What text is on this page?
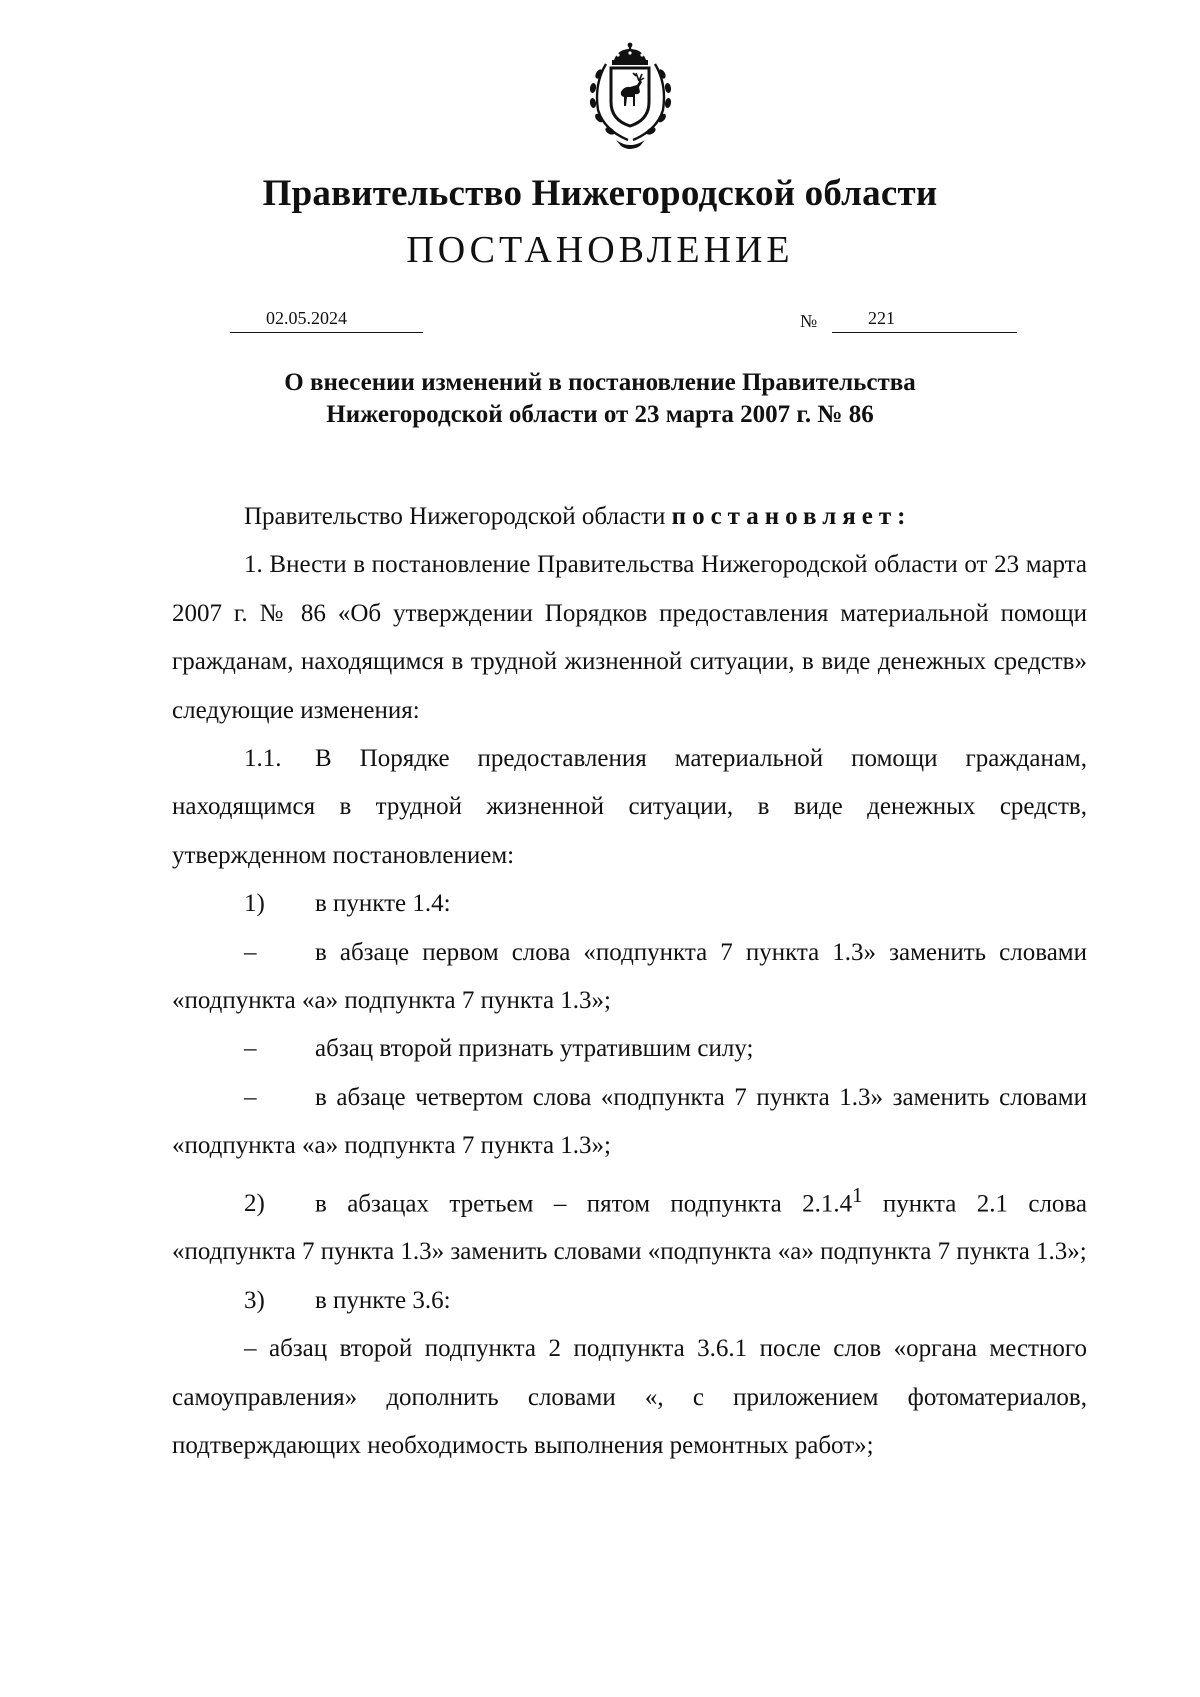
Правительство Нижегородской области
ПОСТАНОВЛЕНИЕ
02.05.2024	№	221
О внесении изменений в постановление Правительства
Нижегородской области от 23 марта 2007 г. № 86

Правительство Нижегородской области постановляет:

1. Внести в постановление Правительства Нижегородской области от 23 марта 2007 г. № 86 «Об утверждении Порядков предоставления материальной помощи гражданам, находящимся в трудной жизненной ситуации, в виде денежных средств» следующие изменения:

1.1. В Порядке предоставления материальной помощи гражданам, находящимся в трудной жизненной ситуации, в виде денежных средств, утвержденном постановлением:

1) в пункте 1.4:

– в абзаце первом слова «подпункта 7 пункта 1.3» заменить словами «подпункта «а» подпункта 7 пункта 1.3»;

– абзац второй признать утратившим силу;

– в абзаце четвертом слова «подпункта 7 пункта 1.3» заменить словами «подпункта «а» подпункта 7 пункта 1.3»;

2) в абзацах третьем – пятом подпункта 2.1.4$^1$ пункта 2.1 слова «подпункта 7 пункта 1.3» заменить словами «подпункта «а» подпункта 7 пункта 1.3»;

3) в пункте 3.6:

– абзац второй подпункта 2 подпункта 3.6.1 после слов «органа местного самоуправления» дополнить словами «, с приложением фотоматериалов, подтверждающих необходимость выполнения ремонтных работ»;
